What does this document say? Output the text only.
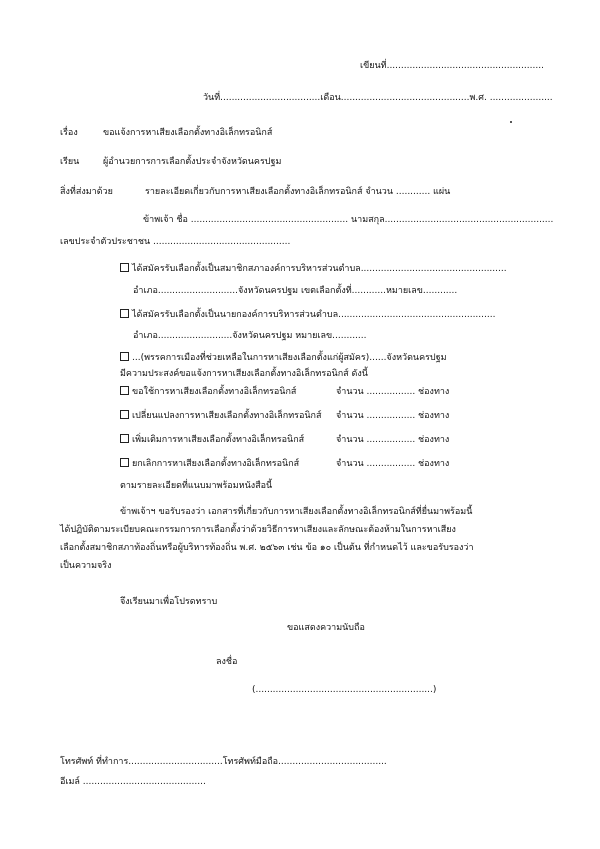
เขียนที่.......................................................
วันที่...................................เดือน.............................................พ.ศ. ......................
เรื่อง	ขอแจ้งการหาเสียงเลือกตั้งทางอิเล็กทรอนิกส์
เรียน	ผู้อำนวยการการเลือกตั้งประจำจังหวัดนครปฐม
สิ่งที่ส่งมาด้วย	รายละเอียดเกี่ยวกับการหาเสียงเลือกตั้งทางอิเล็กทรอนิกส์ จำนวน ............ แผ่น
ข้าพเจ้า ชื่อ ....................................................... นามสกุล...........................................................
เลขประจำตัวประชาชน ................................................
ได้สมัครรับเลือกตั้งเป็นสมาชิกสภาองค์การบริหารส่วนตำบล...................................................
อำเภอ............................จังหวัดนครปฐม เขตเลือกตั้งที่............หมายเลข............
ได้สมัครรับเลือกตั้งเป็นนายกองค์การบริหารส่วนตำบล.......................................................
อำเภอ..........................จังหวัดนครปฐม หมายเลข............
...(พรรคการเมืองที่ช่วยเหลือในการหาเสียงเลือกตั้งแก่ผู้สมัคร)......จังหวัดนครปฐม
มีความประสงค์ขอแจ้งการหาเสียงเลือกตั้งทางอิเล็กทรอนิกส์ ดังนี้
ขอใช้การหาเสียงเลือกตั้งทางอิเล็กทรอนิกส์	จำนวน ................. ช่องทาง
เปลี่ยนแปลงการหาเสียงเลือกตั้งทางอิเล็กทรอนิกส์ จำนวน ................. ช่องทาง
เพิ่มเติมการหาเสียงเลือกตั้งทางอิเล็กทรอนิกส์	จำนวน ................. ช่องทาง
ยกเลิกการหาเสียงเลือกตั้งทางอิเล็กทรอนิกส์	จำนวน ................. ช่องทาง
ตามรายละเอียดที่แนบมาพร้อมหนังสือนี้
ข้าพเจ้าฯ ขอรับรองว่า เอกสารที่เกี่ยวกับการหาเสียงเลือกตั้งทางอิเล็กทรอนิกส์ที่ยื่นมาพร้อมนี้
ได้ปฏิบัติตามระเบียบคณะกรรมการการเลือกตั้งว่าด้วยวิธีการหาเสียงและลักษณะต้องห้ามในการหาเสียง
เลือกตั้งสมาชิกสภาท้องถิ่นหรือผู้บริหารท้องถิ่น พ.ศ. ๒๕๖๓ เช่น ข้อ ๑๐ เป็นต้น ที่กำหนดไว้ และขอรับรองว่า
เป็นความจริง
จึงเรียนมาเพื่อโปรดทราบ
ขอแสดงความนับถือ
ลงชื่อ
(..............................................................)
โทรศัพท์ ที่ทำการ.................................โทรศัพท์มือถือ......................................
อีเมล์ ...........................................
